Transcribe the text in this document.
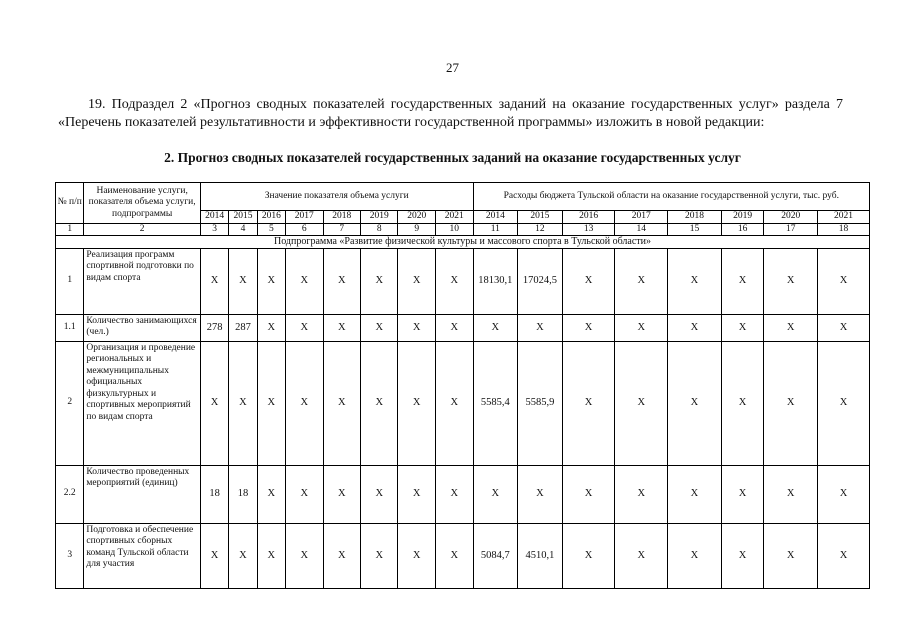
27
19. Подраздел 2 «Прогноз сводных показателей государственных заданий на оказание государственных услуг» раздела 7 «Перечень показателей результативности и эффективности государственной программы» изложить в новой редакции:
2. Прогноз сводных показателей государственных заданий на оказание государственных услуг
№ п/п	Наименование услуги, показателя объема услуги, подпрограммы	Значение показателя объема услуги								Расходы бюджета Тульской области на оказание государственной услуги, тыс. руб.							
		2014	2015	2016	2017	2018	2019	2020	2021	2014	2015	2016	2017	2018	2019	2020	2021
1	2	3	4	5	6	7	8	9	10	11	12	13	14	15	16	17	18
Подпрограмма «Развитие физической культуры и массового спорта в Тульской области»																	
1	Реализация программ спортивной подготовки по видам спорта	X	X	X	X	X	X	X	X	18130,1	17024,5	X	X	X	X	X	X
1.1	Количество занимающихся (чел.)	278	287	X	X	X	X	X	X	X	X	X	X	X	X	X	X
2	Организация и проведение региональных и межмуниципальных официальных физкультурных и спортивных мероприятий по видам спорта	X	X	X	X	X	X	X	X	5585,4	5585,9	X	X	X	X	X	X
2.2	Количество проведенных мероприятий (единиц)	18	18	X	X	X	X	X	X	X	X	X	X	X	X	X	X
3	Подготовка и обеспечение спортивных сборных команд Тульской области для участия	X	X	X	X	X	X	X	X	5084,7	4510,1	X	X	X	X	X	X
